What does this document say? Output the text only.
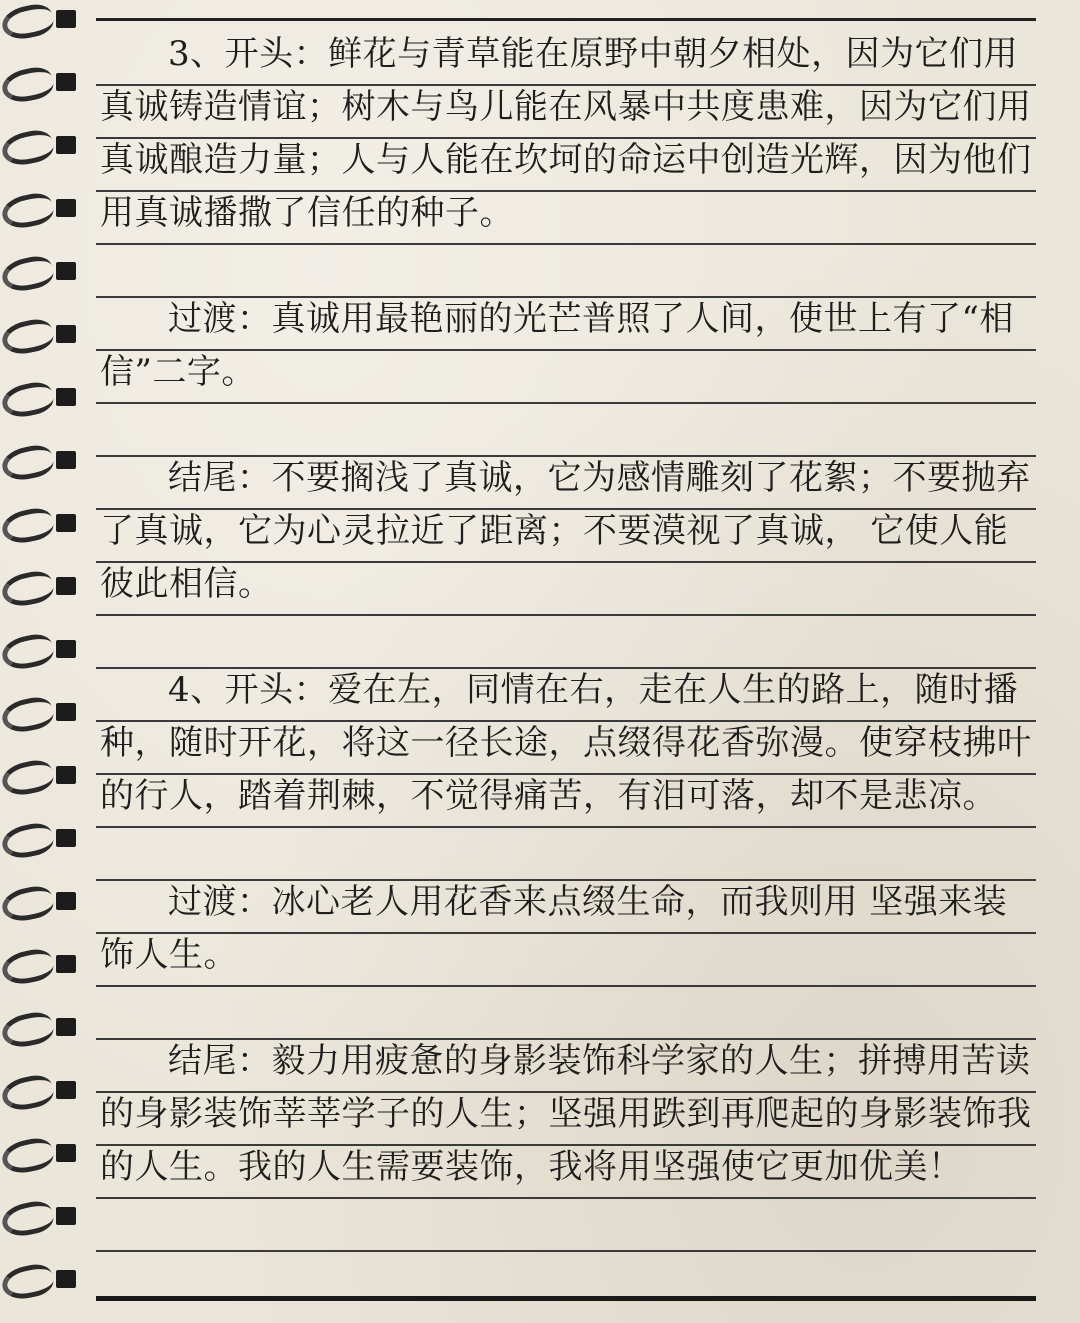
3、开头：鲜花与青草能在原野中朝夕相处，因为它们用真诚铸造情谊；树木与鸟儿能在风暴中共度患难，因为它们用真诚酿造力量；人与人能在坎坷的命运中创造光辉，因为他们用真诚播撒了信任的种子。

过渡：真诚用最艳丽的光芒普照了人间，使世上有了“相信”二字。

结尾：不要搁浅了真诚，它为感情雕刻了花絮；不要抛弃了真诚，它为心灵拉近了距离；不要漠视了真诚， 它使人能彼此相信。

4、开头：爱在左，同情在右，走在人生的路上，随时播种，随时开花，将这一径长途，点缀得花香弥漫。使穿枝拂叶的行人，踏着荆棘，不觉得痛苦，有泪可落，却不是悲凉。

过渡：冰心老人用花香来点缀生命，而我则用 坚强来装饰人生。

结尾：毅力用疲惫的身影装饰科学家的人生；拼搏用苦读的身影装饰莘莘学子的人生；坚强用跌到再爬起的身影装饰我的人生。我的人生需要装饰，我将用坚强使它更加优美！
